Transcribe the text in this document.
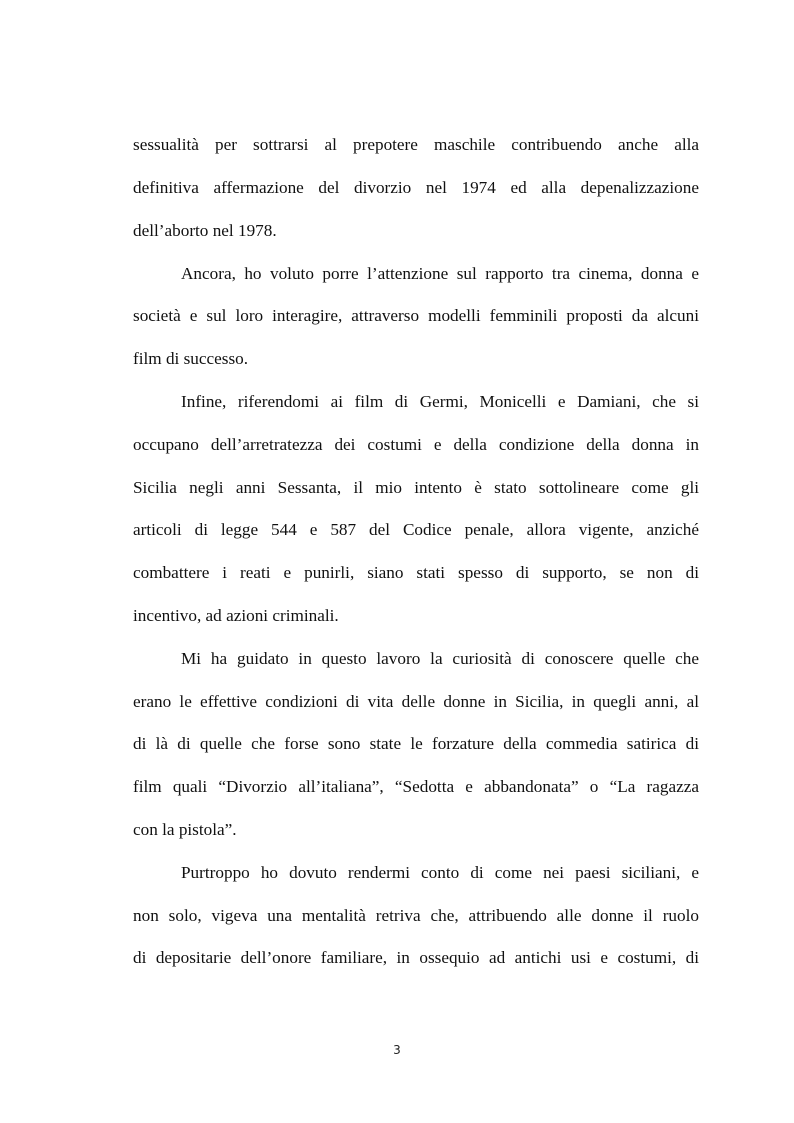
sessualità per sottrarsi al prepotere maschile contribuendo anche alla
definitiva affermazione del divorzio nel 1974 ed alla depenalizzazione
dell’aborto nel 1978.
Ancora, ho voluto porre l’attenzione sul rapporto tra cinema, donna e
società e sul loro interagire, attraverso modelli femminili proposti da alcuni
film di successo.
Infine, riferendomi ai film di Germi, Monicelli e Damiani, che si
occupano dell’arretratezza dei costumi e della condizione della donna in
Sicilia negli anni Sessanta, il mio intento è stato sottolineare come gli
articoli di legge 544 e 587 del Codice penale, allora vigente, anziché
combattere i reati e punirli, siano stati spesso di supporto, se non di
incentivo, ad azioni criminali.
Mi ha guidato in questo lavoro la curiosità di conoscere quelle che
erano le effettive condizioni di vita delle donne in Sicilia, in quegli anni, al
di là di quelle che forse sono state le forzature della commedia satirica di
film quali “Divorzio all’italiana”, “Sedotta e abbandonata” o “La ragazza
con la pistola”.
Purtroppo ho dovuto rendermi conto di come nei paesi siciliani, e
non solo, vigeva una mentalità retriva che, attribuendo alle donne il ruolo
di depositarie dell’onore familiare, in ossequio ad antichi usi e costumi, di
3
